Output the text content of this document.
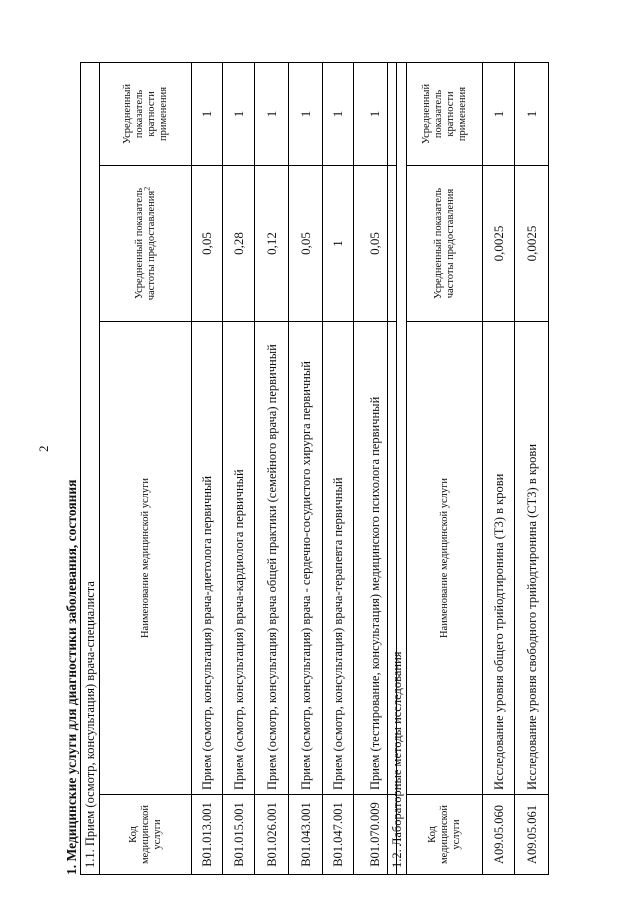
2
1. Медицинские услуги для диагностики заболевания, состояния 1.1. Прием (осмотр, консультация) врача-специалиста			
Код медицинской услуги	Наименование медицинской услуги	Усредненный показатель частоты предоставления$^2$	Усредненный показатель кратности применения
B01.013.001	Прием (осмотр, консультация) врача-диетолога первичный	0,05	1
B01.015.001	Прием (осмотр, консультация) врача-кардиолога первичный	0,28	1
B01.026.001	Прием (осмотр, консультация) врача общей практики (семейного врача) первичный	0,12	1
B01.043.001	Прием (осмотр, консультация) врача - сердечно-сосудистого хирурга первичный	0,05	1
B01.047.001	Прием (осмотр, консультация) врача-терапевта первичный	1	1
B01.070.009	Прием (тестирование, консультация) медицинского психолога первичный	0,05	1
1.2. Лабораторные методы исследования			
Код медицинской услуги	Наименование медицинской услуги	Усредненный показатель частоты предоставления	Усредненный показатель кратности применения
A09.05.060	Исследование уровня общего трийодтиронина (Т3) в крови	0,0025	1
A09.05.061	Исследование уровня свободного трийодтиронина (СТ3) в крови	0,0025	1
